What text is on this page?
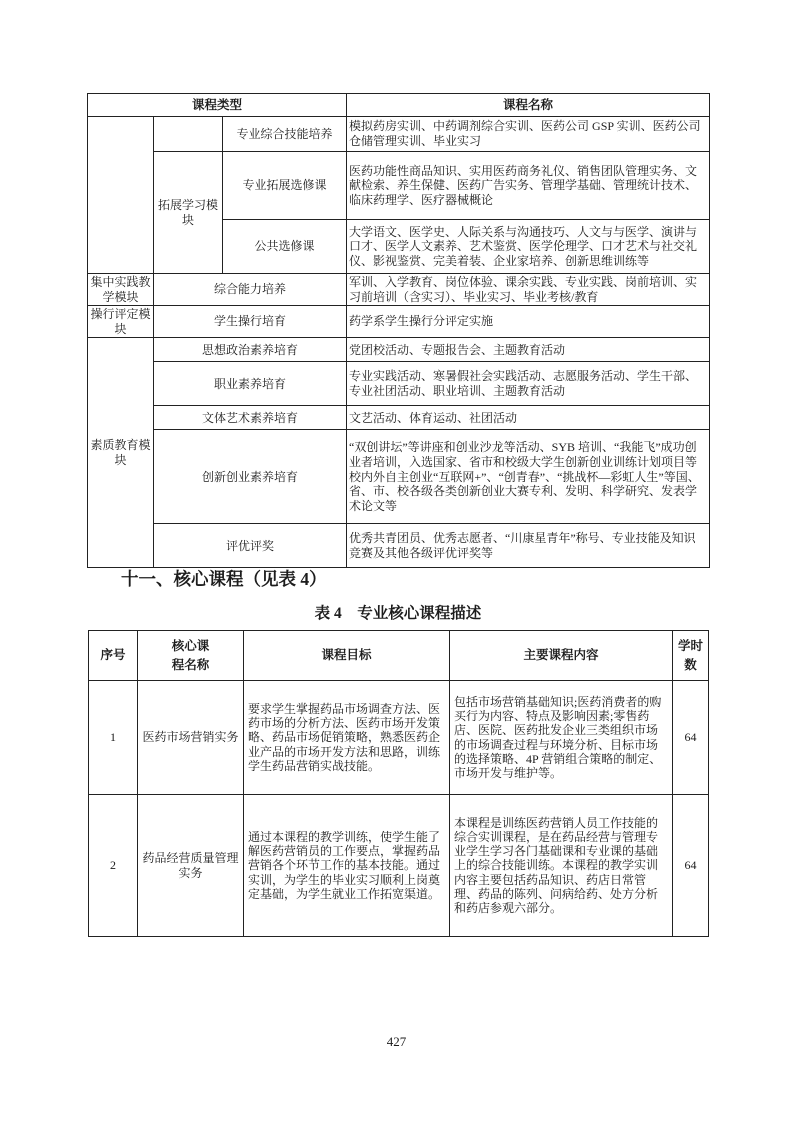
课程类型			课程名称
		专业综合技能培养	模拟药房实训、中药调剂综合实训、医药公司 GSP 实训、医药公司仓储管理实训、毕业实习
	拓展学习模块	专业拓展选修课	医药功能性商品知识、实用医药商务礼仪、销售团队管理实务、文献检索、养生保健、医药广告实务、管理学基础、管理统计技术、临床药理学、医疗器械概论
		公共选修课	大学语文、医学史、人际关系与沟通技巧、人文与与医学、演讲与口才、医学人文素养、艺术鉴赏、医学伦理学、口才艺术与社交礼仪、影视鉴赏、完美着装、企业家培养、创新思维训练等
集中实践教学模块	综合能力培养		军训、入学教育、岗位体验、课余实践、专业实践、岗前培训、实习前培训（含实习）、毕业实习、毕业考核/教育
操行评定模块	学生操行培育		药学系学生操行分评定实施
素质教育模块	思想政治素养培育		党团校活动、专题报告会、主题教育活动
	职业素养培育		专业实践活动、寒暑假社会实践活动、志愿服务活动、学生干部、专业社团活动、职业培训、主题教育活动
	文体艺术素养培育		文艺活动、体育运动、社团活动
	创新创业素养培育		“双创讲坛”等讲座和创业沙龙等活动、SYB 培训、“我能飞”成功创业者培训，入选国家、省市和校级大学生创新创业训练计划项目等校内外自主创业“互联网+”、“创青春”、“挑战杯—彩虹人生”等国、省、市、校各级各类创新创业大赛专利、发明、科学研究、发表学术论文等
	评优评奖		优秀共青团员、优秀志愿者、“川康星青年”称号、专业技能及知识竞赛及其他各级评优评奖等
十一、核心课程（见表 4）
表 4　专业核心课程描述
序号	核心课程名称	课程目标	主要课程内容	学时数
1	医药市场营销实务	要求学生掌握药品市场调查方法、医药市场的分析方法、医药市场开发策略、药品市场促销策略，熟悉医药企业产品的市场开发方法和思路，训练学生药品营销实战技能。	包括市场营销基础知识;医药消费者的购买行为内容、特点及影响因素;零售药店、医院、医药批发企业三类组织市场的市场调查过程与环境分析、目标市场的选择策略、4P 营销组合策略的制定、市场开发与维护等。	64
2	药品经营质量管理实务	通过本课程的教学训练，使学生能了解医药营销员的工作要点，掌握药品营销各个环节工作的基本技能。通过实训，为学生的毕业实习顺利上岗奠定基础，为学生就业工作拓宽渠道。	本课程是训练医药营销人员工作技能的综合实训课程，是在药品经营与管理专业学生学习各门基础课和专业课的基础上的综合技能训练。本课程的教学实训内容主要包括药品知识、药店日常管理、药品的陈列、问病给药、处方分析和药店参观六部分。	64
427
